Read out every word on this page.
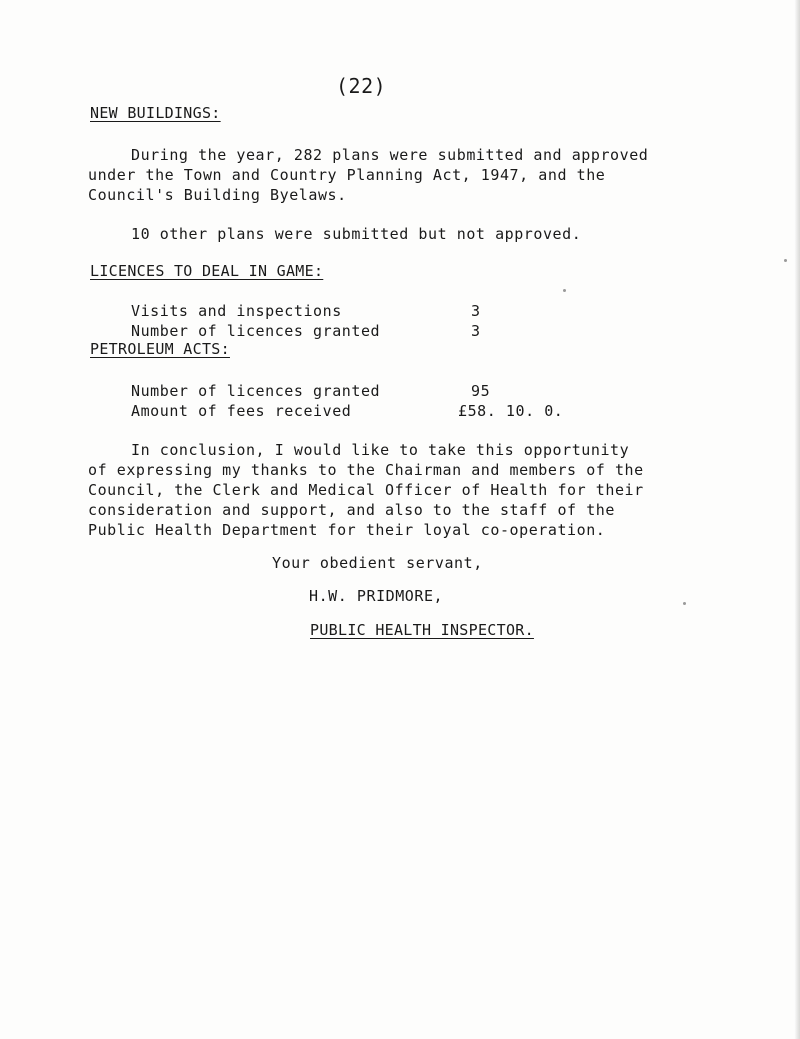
(22)
NEW BUILDINGS:
During the year, 282 plans were submitted and approved
under the Town and Country Planning Act, 1947, and the
Council's Building Byelaws.
10 other plans were submitted but not approved.
LICENCES TO DEAL IN GAME:
Visits and inspections	3
Number of licences granted	3
PETROLEUM ACTS:
Number of licences granted	95
Amount of fees received	£58. 10. 0.
In conclusion, I would like to take this opportunity
of expressing my thanks to the Chairman and members of the
Council, the Clerk and Medical Officer of Health for their
consideration and support, and also to the staff of the
Public Health Department for their loyal co-operation.
Your obedient servant,
H.W. PRIDMORE,
PUBLIC HEALTH INSPECTOR.
